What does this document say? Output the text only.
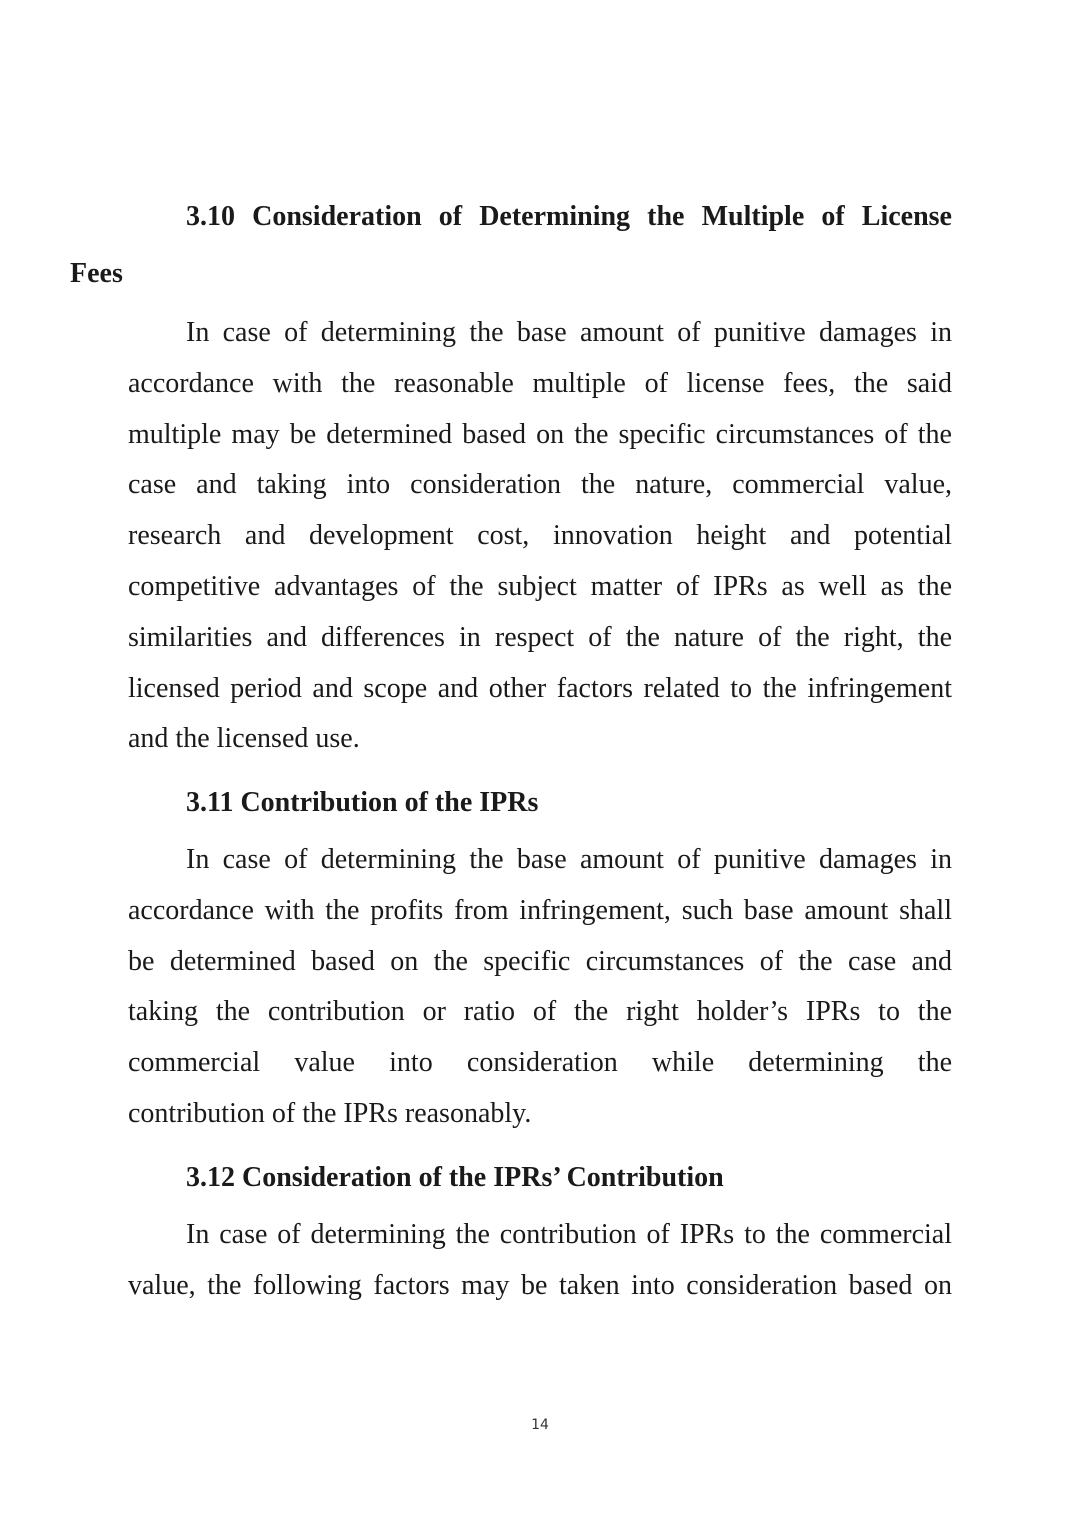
3.10 Consideration of Determining the Multiple of License
Fees
In case of determining the base amount of punitive damages in
accordance with the reasonable multiple of license fees, the said
multiple may be determined based on the specific circumstances of the
case and taking into consideration the nature, commercial value,
research and development cost, innovation height and potential
competitive advantages of the subject matter of IPRs as well as the
similarities and differences in respect of the nature of the right, the
licensed period and scope and other factors related to the infringement
and the licensed use.
3.11 Contribution of the IPRs
In case of determining the base amount of punitive damages in
accordance with the profits from infringement, such base amount shall
be determined based on the specific circumstances of the case and
taking the contribution or ratio of the right holder’s IPRs to the
commercial value into consideration while determining the
contribution of the IPRs reasonably.
3.12 Consideration of the IPRs’ Contribution
In case of determining the contribution of IPRs to the commercial
value, the following factors may be taken into consideration based on
14
